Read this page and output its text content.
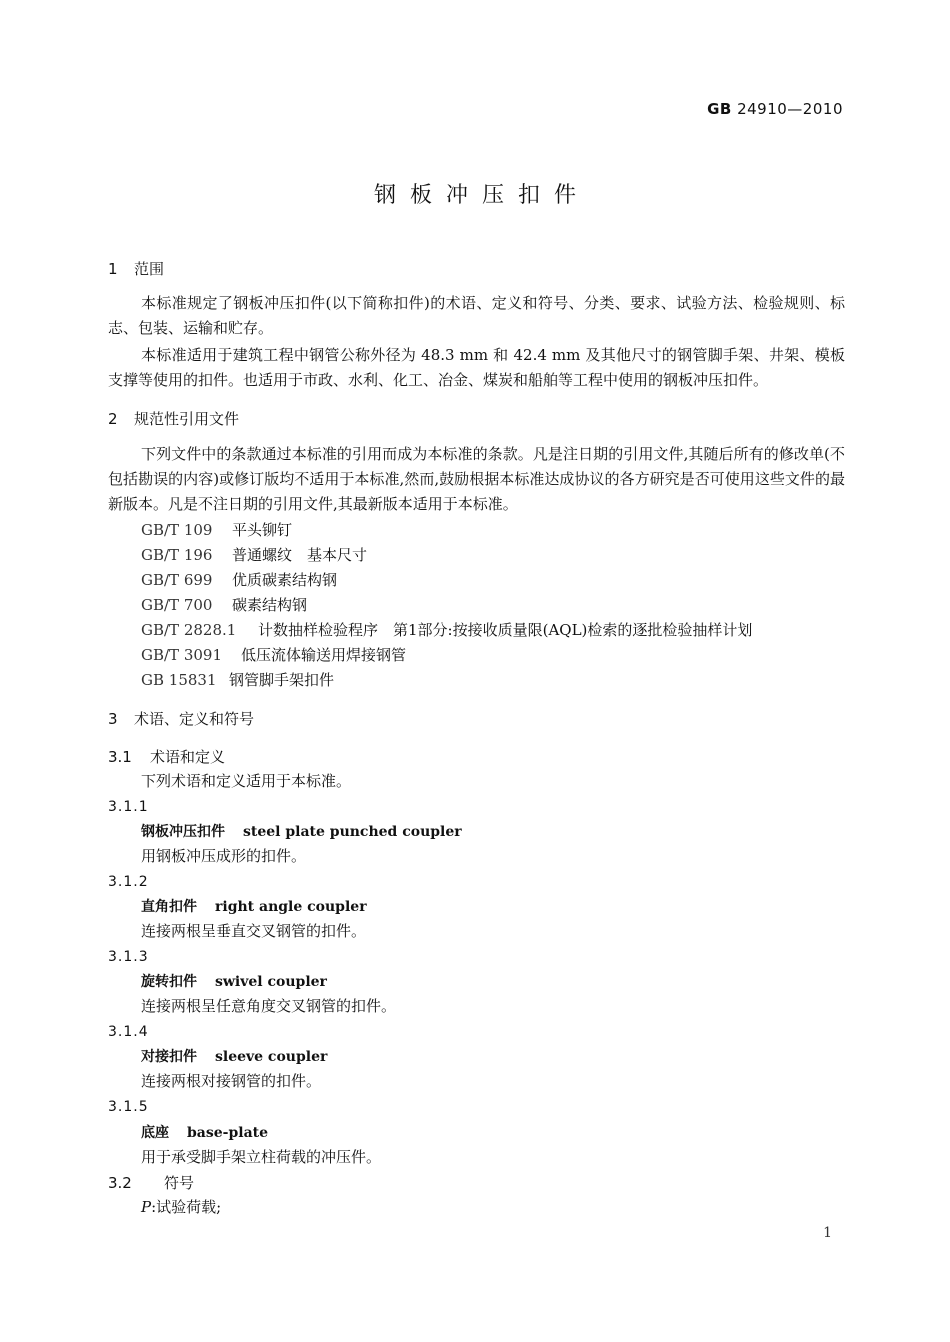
GB 24910—2010
钢板冲压扣件
1 范围
本标准规定了钢板冲压扣件(以下简称扣件)的术语、定义和符号、分类、要求、试验方法、检验规则、标志、包装、运输和贮存。
本标准适用于建筑工程中钢管公称外径为 48.3 mm 和 42.4 mm 及其他尺寸的钢管脚手架、井架、模板支撑等使用的扣件。也适用于市政、水利、化工、冶金、煤炭和船舶等工程中使用的钢板冲压扣件。
2 规范性引用文件
下列文件中的条款通过本标准的引用而成为本标准的条款。凡是注日期的引用文件,其随后所有的修改单(不包括勘误的内容)或修订版均不适用于本标准,然而,鼓励根据本标准达成协议的各方研究是否可使用这些文件的最新版本。凡是不注日期的引用文件,其最新版本适用于本标准。
GB/T 109 平头铆钉
GB/T 196 普通螺纹　基本尺寸
GB/T 699 优质碳素结构钢
GB/T 700 碳素结构钢
GB/T 2828.1 计数抽样检验程序　第1部分:按接收质量限(AQL)检索的逐批检验抽样计划
GB/T 3091 低压流体输送用焊接钢管
GB 15831 钢管脚手架扣件
3 术语、定义和符号
3.1 术语和定义
下列术语和定义适用于本标准。
3.1.1
钢板冲压扣件 steel plate punched coupler
用钢板冲压成形的扣件。
3.1.2
直角扣件 right angle coupler
连接两根呈垂直交叉钢管的扣件。
3.1.3
旋转扣件 swivel coupler
连接两根呈任意角度交叉钢管的扣件。
3.1.4
对接扣件 sleeve coupler
连接两根对接钢管的扣件。
3.1.5
底座 base-plate
用于承受脚手架立柱荷载的冲压件。
3.2 符号
P:试验荷载;
1
